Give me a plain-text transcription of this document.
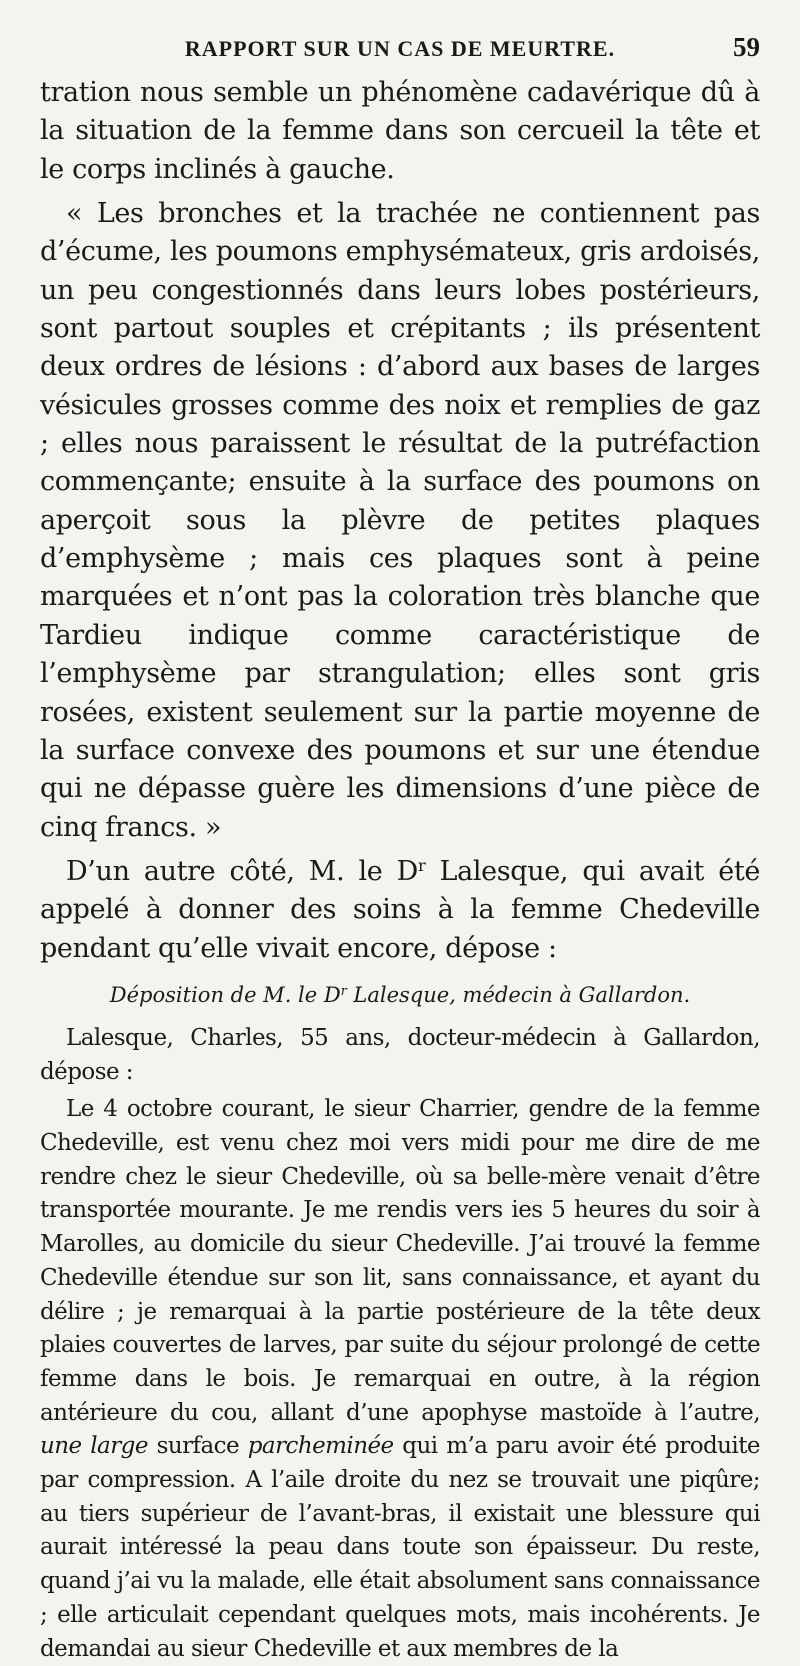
RAPPORT SUR UN CAS DE MEURTRE.	59

tration nous semble un phénomène cadavérique dû à la situation de la femme dans son cercueil la tête et le corps inclinés à gauche.

« Les bronches et la trachée ne contiennent pas d’écume, les poumons emphysémateux, gris ardoisés, un peu congestionnés dans leurs lobes postérieurs, sont partout souples et crépitants ; ils présentent deux ordres de lésions : d’abord aux bases de larges vésicules grosses comme des noix et remplies de gaz ; elles nous paraissent le résultat de la putréfaction commençante; ensuite à la surface des poumons on aperçoit sous la plèvre de petites plaques d’emphysème ; mais ces plaques sont à peine marquées et n’ont pas la coloration très blanche que Tardieu indique comme caractéristique de l’emphysème par strangulation; elles sont gris rosées, existent seulement sur la partie moyenne de la surface convexe des poumons et sur une étendue qui ne dépasse guère les dimensions d’une pièce de cinq francs. »

D’un autre côté, M. le $D^r$ Lalesque, qui avait été appelé à donner des soins à la femme Chedeville pendant qu’elle vivait encore, dépose :

Déposition de M. le $D^r$ Lalesque, médecin à Gallardon.

Lalesque, Charles, 55 ans, docteur-médecin à Gallardon, dépose :

Le 4 octobre courant, le sieur Charrier, gendre de la femme Chedeville, est venu chez moi vers midi pour me dire de me rendre chez le sieur Chedeville, où sa belle-mère venait d’être transportée mourante. Je me rendis vers ies 5 heures du soir à Marolles, au domicile du sieur Chedeville. J’ai trouvé la femme Chedeville étendue sur son lit, sans connaissance, et ayant du délire ; je remarquai à la partie postérieure de la tête deux plaies couvertes de larves, par suite du séjour prolongé de cette femme dans le bois. Je remarquai en outre, à la région antérieure du cou, allant d’une apophyse mastoïde à l’autre, une large surface parcheminée qui m’a paru avoir été produite par compression. A l’aile droite du nez se trouvait une piqûre; au tiers supérieur de l’avant-bras, il existait une blessure qui aurait intéressé la peau dans toute son épaisseur. Du reste, quand j’ai vu la malade, elle était absolument sans connaissance ; elle articulait cependant quelques mots, mais incohérents. Je demandai au sieur Chedeville et aux membres de la
